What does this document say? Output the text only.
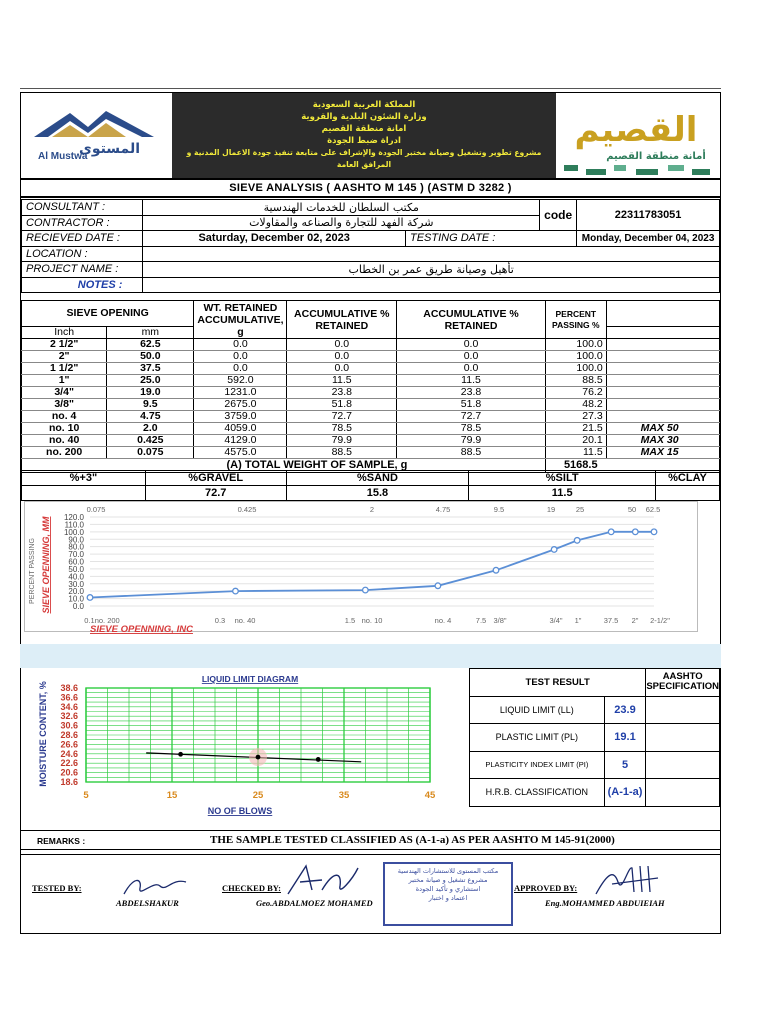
المستوى
Al Mustwa
المملكة العربية السعودية
وزارة الشئون البلدية والقروية
امانة منطقة القصيم
ادراة ضبط الجودة
مشروع تطوير وتشغيل وصيانة مختبر الجودة والإشراف على متابعة تنفيذ جودة الاعمال المدنية و المرافق العامة
القصيم
أمانة منطقة القصيم
SIEVE ANALYSIS ( AASHTO M 145 ) (ASTM D 3282 )
CONSULTANT :	مكتب السلطان للخدمات الهندسية		code	22311783051
CONTRACTOR :	شركة الفهد للتجارة والصناعه والمقاولات			
RECIEVED DATE :	Saturday, December 02, 2023	TESTING DATE :		Monday, December 04, 2023
LOCATION :				
PROJECT NAME :	تأهيل وصيانة طريق عمر بن الخطاب			
NOTES :				
SIEVE OPENING		WT. RETAINED ACCUMULATIVE,
g	ACCUMULATIVE % RETAINED	ACCUMULATIVE % RETAINED	PERCENT PASSING %	
Inch	mm					
2 1/2"	62.5	0.0	0.0	0.0	100.0	
2"	50.0	0.0	0.0	0.0	100.0	
1 1/2"	37.5	0.0	0.0	0.0	100.0	
1"	25.0	592.0	11.5	11.5	88.5	
3/4"	19.0	1231.0	23.8	23.8	76.2	
3/8"	9.5	2675.0	51.8	51.8	48.2	
no. 4	4.75	3759.0	72.7	72.7	27.3	
no. 10	2.0	4059.0	78.5	78.5	21.5	MAX 50
no. 40	0.425	4129.0	79.9	79.9	20.1	MAX 30
no. 200	0.075	4575.0	88.5	88.5	11.5	MAX 15
(A) TOTAL WEIGHT OF SAMPLE, g					5168.5	
%+3"	%GRAVEL	%SAND	%SILT	%CLAY
	72.7	15.8	11.5	
0.0
10.0
20.0
30.0
40.0
50.0
60.0
70.0
80.0
90.0
100.0
110.0
120.0
0.075	0.425	2	4.75	9.5	19	25	50 62.5
0.1no. 200	0.3 no. 40	1.5 no. 10	no. 4	7.5 3/8"	3/4" 1"	37.5 2" 2-1/2"
PERCENT PASSING SIEVE OPENNING, MM
SIEVE OPENNING, INC
18.6
20.6
22.6
24.6
26.6
28.6
30.6
32.6
34.6
36.6
38.6
5	15	25	35	45
LIQUID LIMIT DIAGRAM
NO OF BLOWS
MOISTURE CONTENT, %	TEST RESULT		AASHTO SPECIFICATION
LIQUID LIMIT (LL)	23.9	
PLASTIC LIMIT (PL)	19.1	
PLASTICITY INDEX LIMIT (PI)	5	
H.R.B. CLASSIFICATION	(A-1-a)	
REMARKS :	THE SAMPLE TESTED CLASSIFIED AS (A-1-a) AS PER AASHTO M 145-91(2000)
TESTED BY:
ABDELSHAKUR
CHECKED BY:
Geo.ABDALMOEZ MOHAMED
مكتب المستوى للاستشارات الهندسية
مشروع تشغيل و صيانة مختبر
استشاري و تأكيد الجودة
اعتماد و اختبار
APPROVED BY:
Eng.MOHAMMED ABDUIEIAH
